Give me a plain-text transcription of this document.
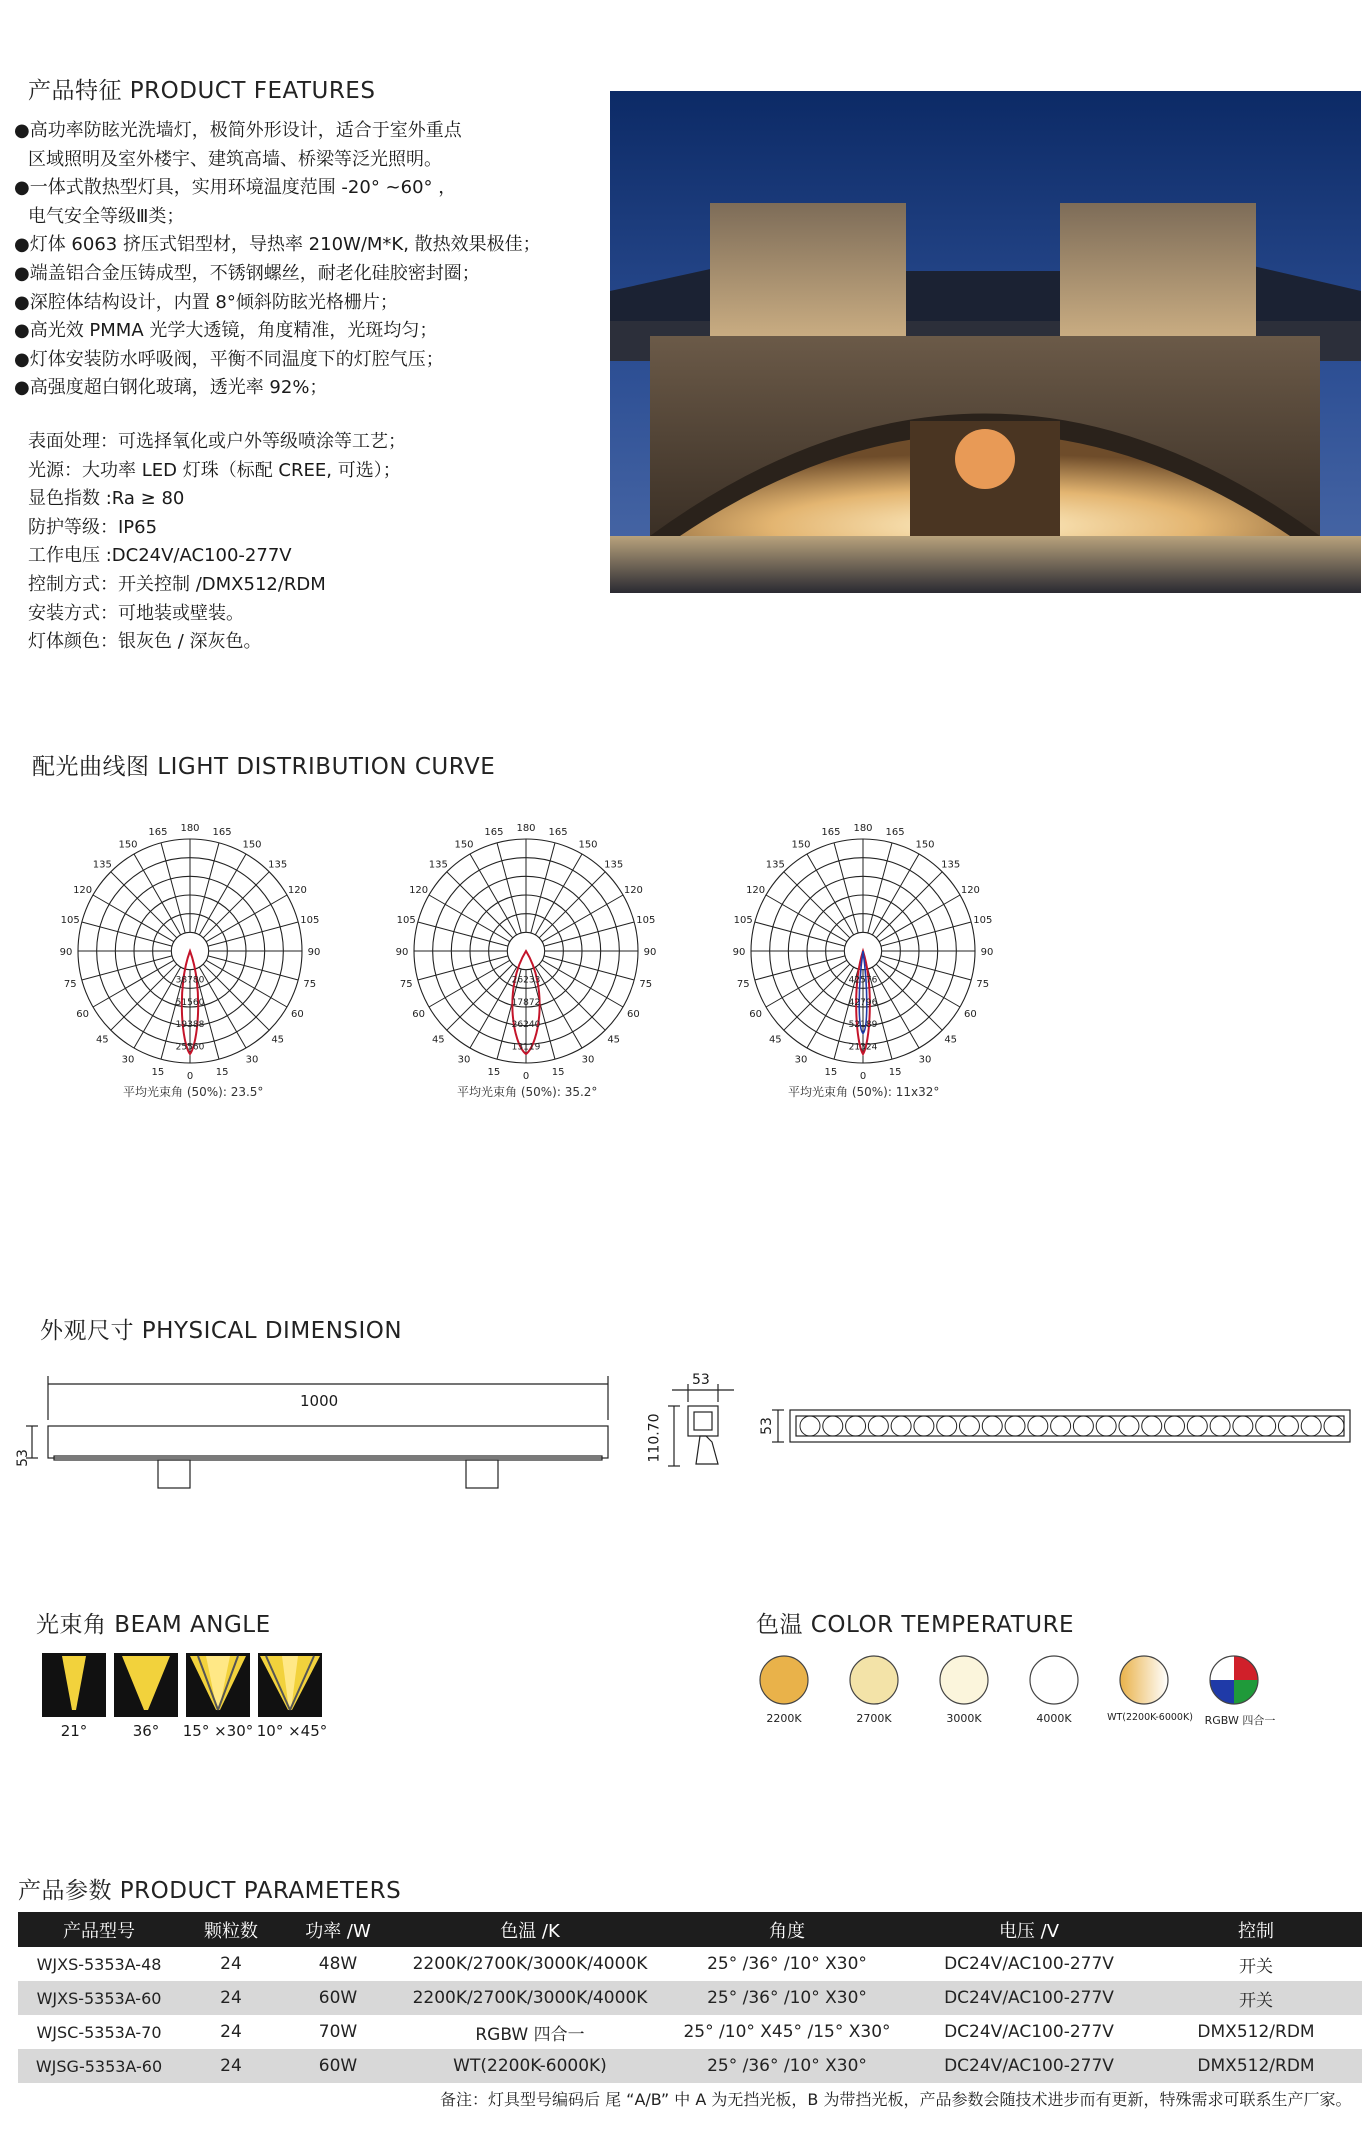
产品特征 PRODUCT FEATURES
●高功率防眩光洗墙灯，极简外形设计，适合于室外重点
区域照明及室外楼宇、建筑高墙、桥梁等泛光照明。
●一体式散热型灯具，实用环境温度范围 -20° ~60° ，
电气安全等级Ⅲ类；
●灯体 6063 挤压式铝型材，导热率 210W/M*K, 散热效果极佳；
●端盖铝合金压铸成型，不锈钢螺丝，耐老化硅胶密封圈；
●深腔体结构设计，内置 8°倾斜防眩光格栅片；
●高光效 PMMA 光学大透镜，角度精准，光斑均匀；
●灯体安装防水呼吸阀，平衡不同温度下的灯腔气压；
●高强度超白钢化玻璃，透光率 92%；
表面处理：可选择氧化或户外等级喷涂等工艺；
光源：大功率 LED 灯珠（标配 CREE, 可选）；
显色指数 :Ra ≥ 80
防护等级：IP65
工作电压 :DC24V/AC100-277V
控制方式：开关控制 /DMX512/RDM
安装方式：可地装或壁装。
灯体颜色：银灰色 / 深灰色。
配光曲线图 LIGHT DISTRIBUTION CURVE
180 165
165
150
150
135
135
120
120
105
105
90
90
75
75
60
60
45
45
30
30
15
15 0
38780
51560
19388
25560
180 165
165
150
150
135
135
120
120
105
105
90
90
75
75
60
60
45
45
30
30
15
15 0
26233
17872
26240
13119
180 165
165
150
150
135
135
120
120
105
105
90
90
75
75
60
60
45
45
30
30
15
15 0
42576
42796
52189
21324
平均光束角 (50%): 23.5°	平均光束角 (50%): 35.2°	平均光束角 (50%): 11x32°
外观尺寸 PHYSICAL DIMENSION
1000
53
53
110.70	53
光束角 BEAM ANGLE
21°	36°	15° ×30° 10° ×45°
色温 COLOR TEMPERATURE
2200K	2700K	3000K	4000K	WT(2200K-6000K)	RGBW 四合一
产品参数 PRODUCT PARAMETERS
产品型号	颗粒数	功率 /W	色温 /K	角度	电压 /V	控制
WJXS-5353A-48	24	48W	2200K/2700K/3000K/4000K	25° /36° /10° X30°	DC24V/AC100-277V	开关
WJXS-5353A-60	24	60W	2200K/2700K/3000K/4000K	25° /36° /10° X30°	DC24V/AC100-277V	开关
WJSC-5353A-70	24	70W	RGBW 四合一	25° /10° X45° /15° X30°	DC24V/AC100-277V	DMX512/RDM
WJSG-5353A-60	24	60W	WT(2200K-6000K)	25° /36° /10° X30°	DC24V/AC100-277V	DMX512/RDM
备注：灯具型号编码后 尾 “A/B” 中 A 为无挡光板，B 为带挡光板，产品参数会随技术进步而有更新，特殊需求可联系生产厂家。
